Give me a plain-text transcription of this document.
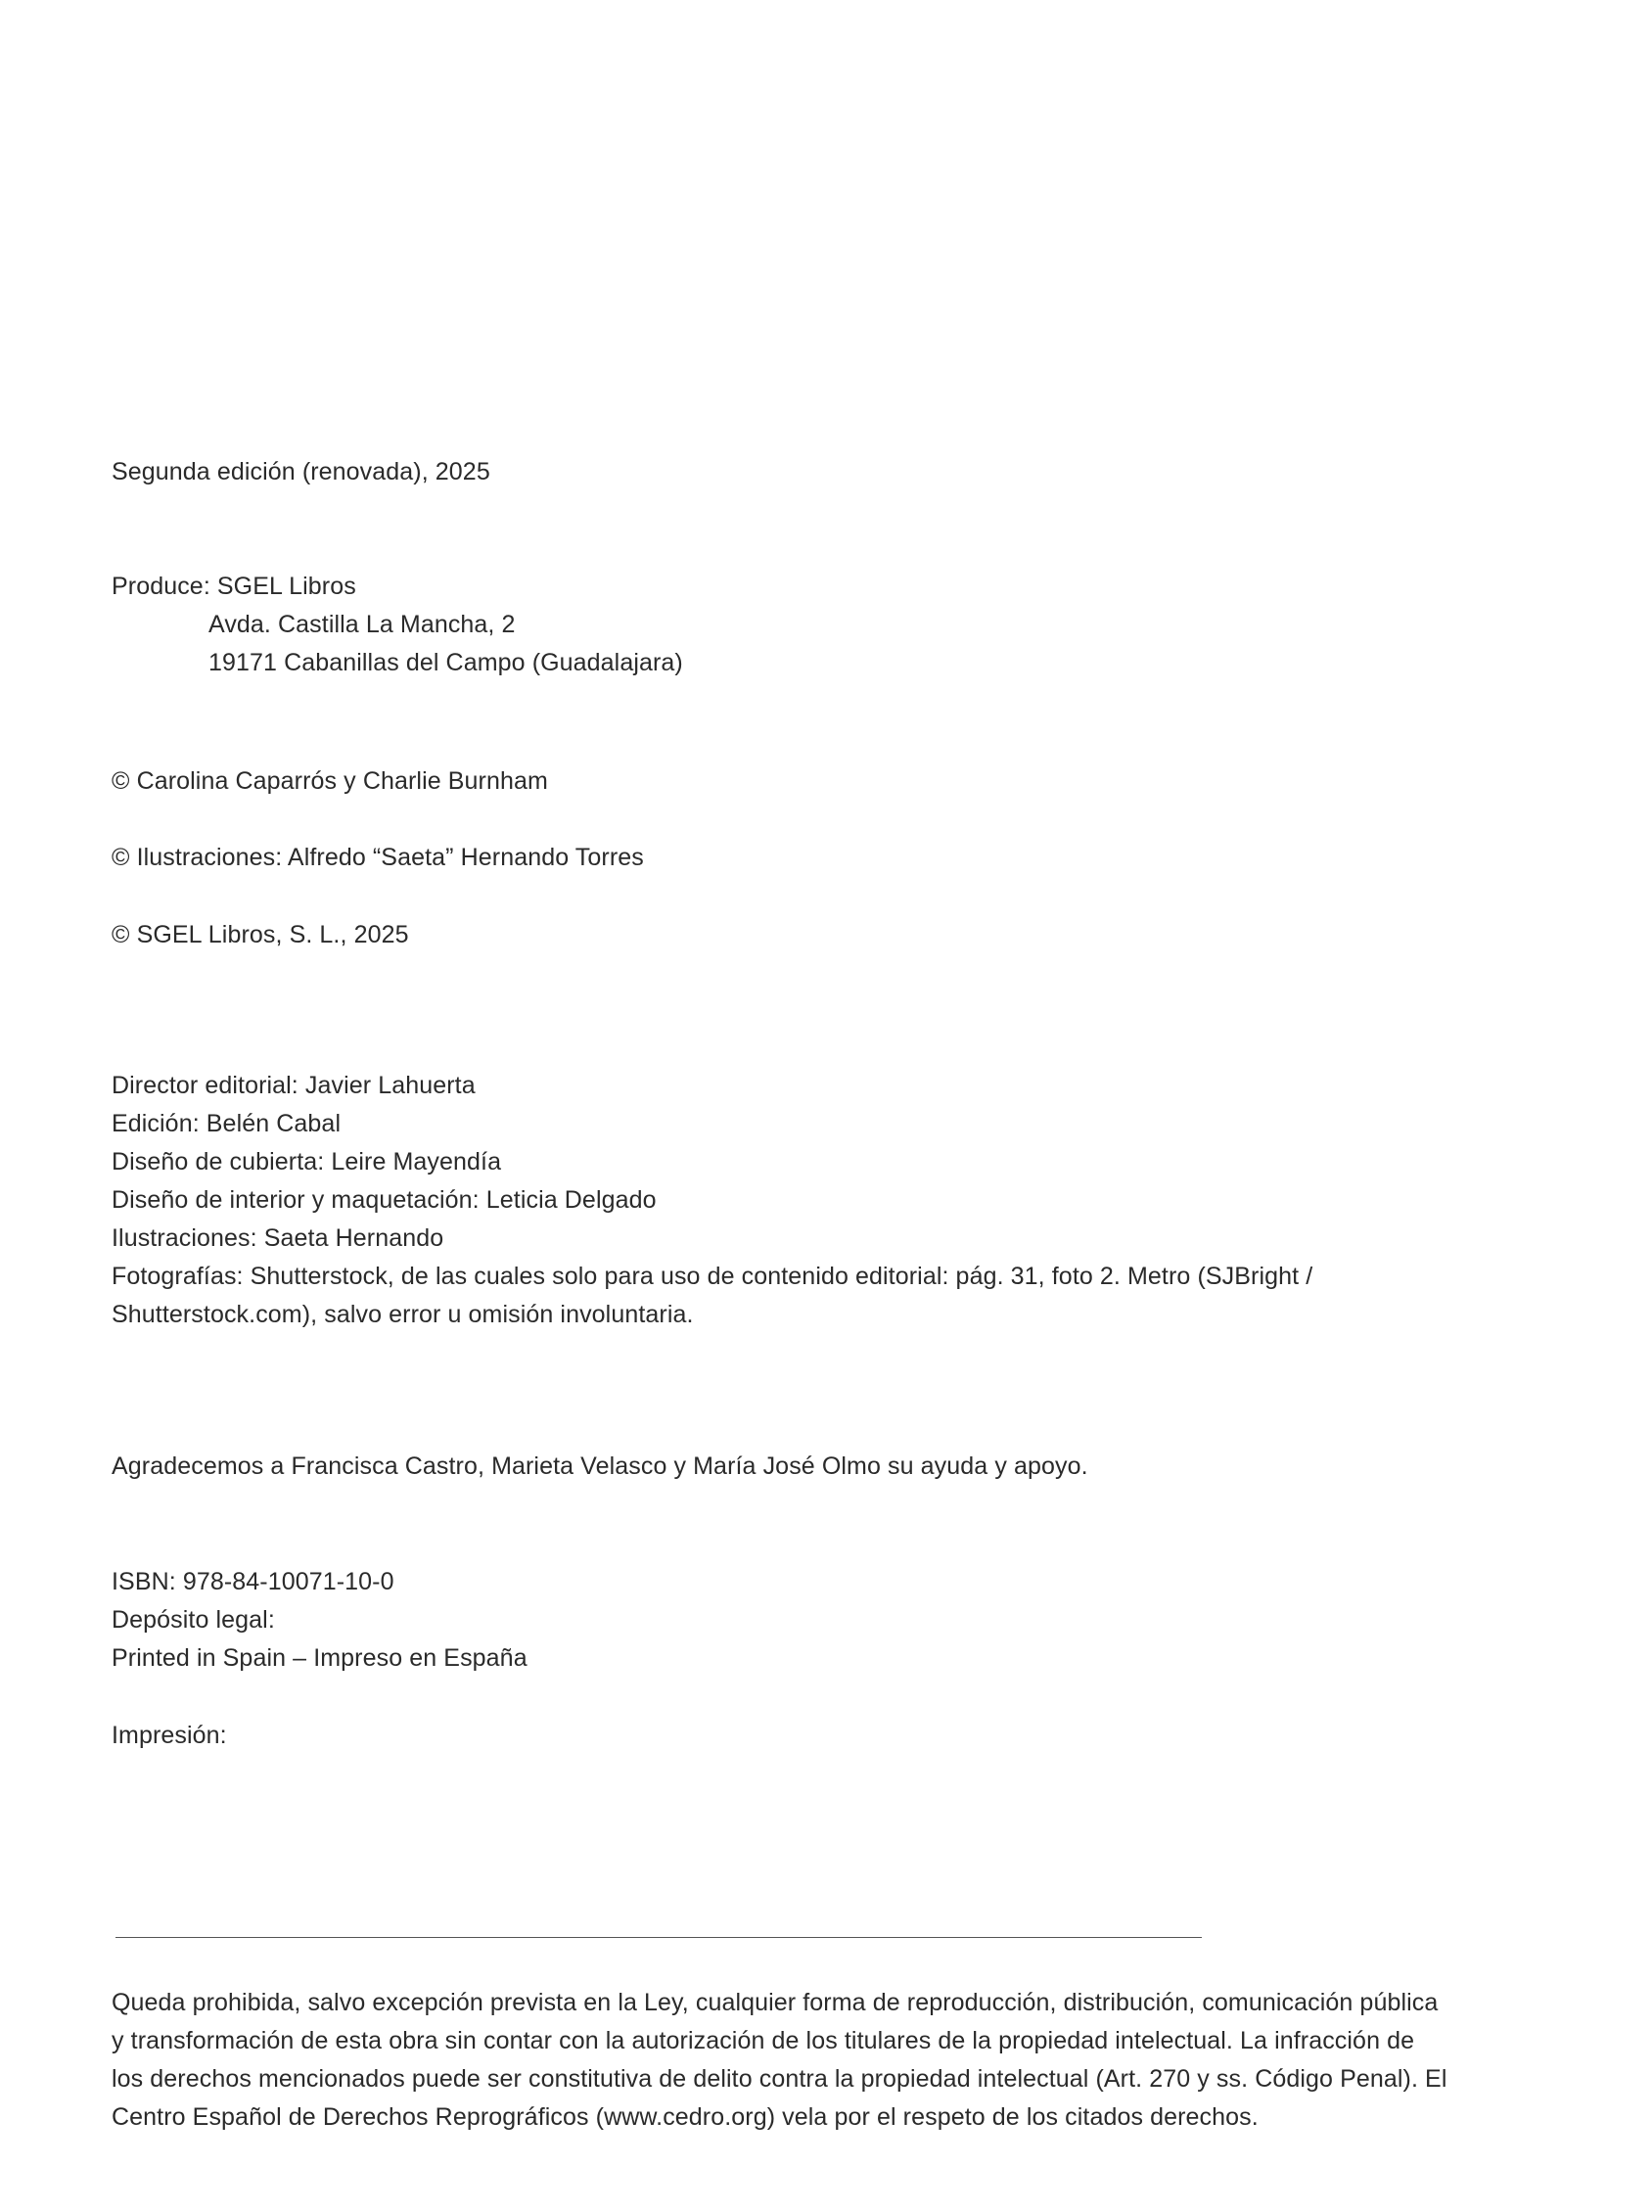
Segunda edición (renovada), 2025

Produce: SGEL Libros

Avda. Castilla La Mancha, 2

19171 Cabanillas del Campo (Guadalajara)

© Carolina Caparrós y Charlie Burnham

© Ilustraciones: Alfredo “Saeta” Hernando Torres

© SGEL Libros, S. L., 2025

Director editorial: Javier Lahuerta

Edición: Belén Cabal

Diseño de cubierta: Leire Mayendía

Diseño de interior y maquetación: Leticia Delgado

Ilustraciones: Saeta Hernando

Fotografías: Shutterstock, de las cuales solo para uso de contenido editorial: pág. 31, foto 2. Metro (SJBright /

Shutterstock.com), salvo error u omisión involuntaria.

Agradecemos a Francisca Castro, Marieta Velasco y María José Olmo su ayuda y apoyo.

ISBN: 978-84-10071-10-0

Depósito legal:

Printed in Spain – Impreso en España

Impresión:

Queda prohibida, salvo excepción prevista en la Ley, cualquier forma de reproducción, distribución, comunicación pública

y transformación de esta obra sin contar con la autorización de los titulares de la propiedad intelectual. La infracción de

los derechos mencionados puede ser constitutiva de delito contra la propiedad intelectual (Art. 270 y ss. Código Penal). El

Centro Español de Derechos Reprográficos (www.cedro.org) vela por el respeto de los citados derechos.
